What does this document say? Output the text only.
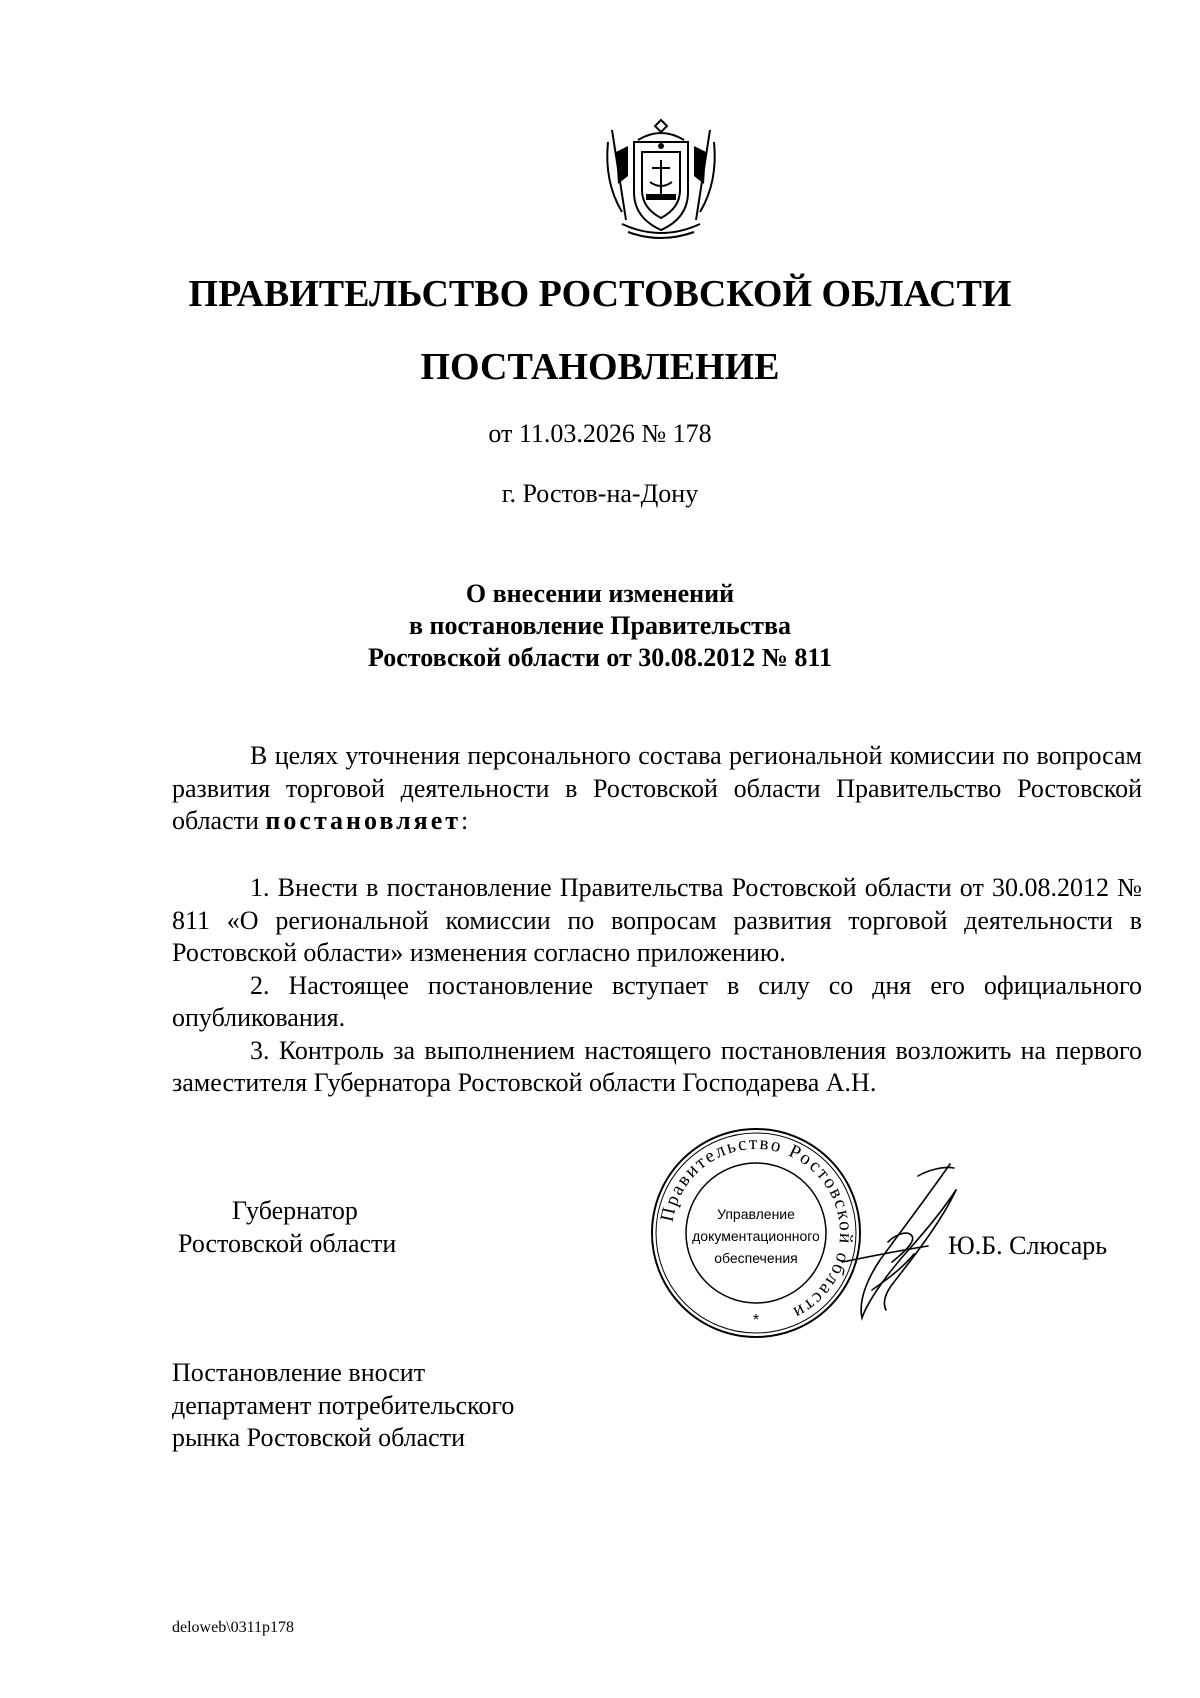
ПРАВИТЕЛЬСТВО РОСТОВСКОЙ ОБЛАСТИ
ПОСТАНОВЛЕНИЕ
от 11.03.2026 № 178
г. Ростов-на-Дону
О внесении изменений
в постановление Правительства
Ростовской области от 30.08.2012 № 811

В целях уточнения персонального состава региональной комиссии по вопросам развития торговой деятельности в Ростовской области Правительство Ростовской области постановляет:

1. Внести в постановление Правительства Ростовской области от 30.08.2012 № 811 «О региональной комиссии по вопросам развития торговой деятельности в Ростовской области» изменения согласно приложению.

2. Настоящее постановление вступает в силу со дня его официального опубликования.

3. Контроль за выполнением настоящего постановления возложить на первого заместителя Губернатора Ростовской области Господарева А.Н.

Губернатор
Ростовской области
Правительство Ростовской области
Управление
документационного
обеспечения
*
Ю.Б. Слюсарь
Постановление вносит
департамент потребительского
рынка Ростовской области
deloweb\0311p178
